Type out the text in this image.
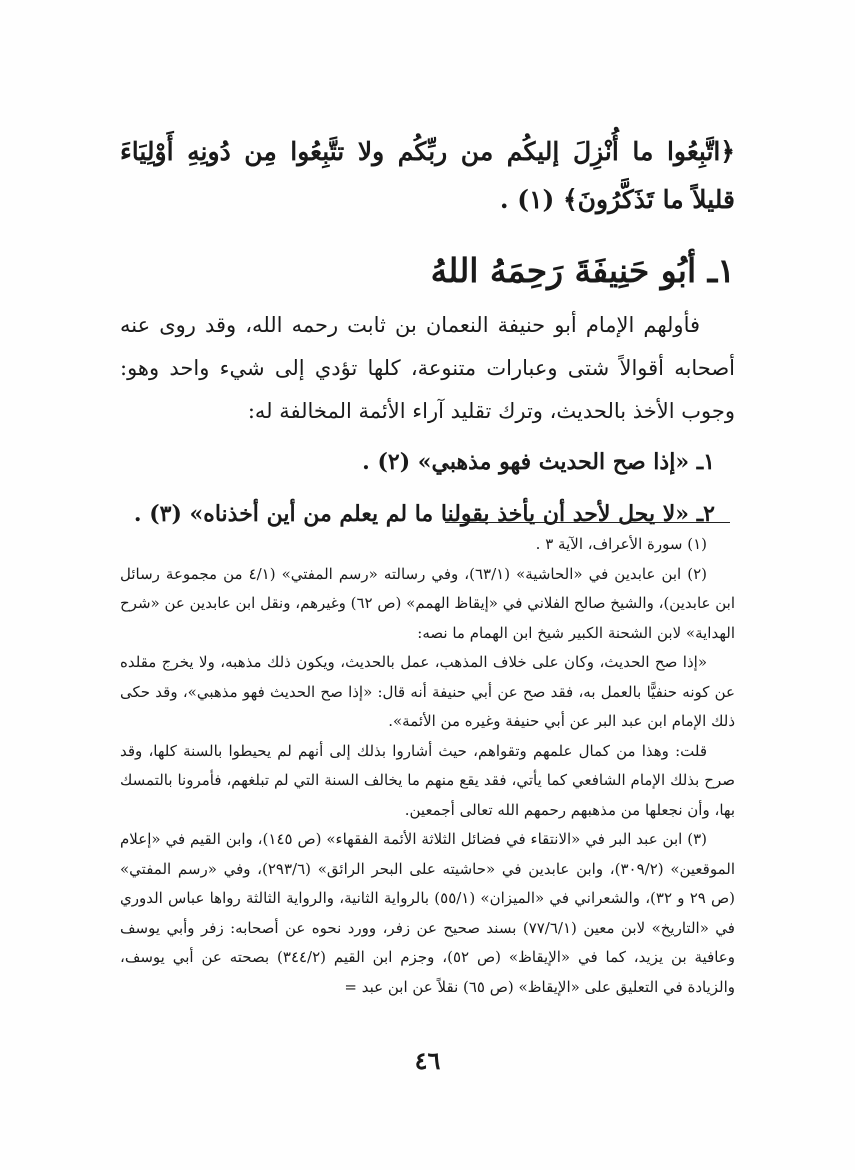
﴿اتَّبِعُوا ما أُنْزِلَ إليكُم من ربِّكُم ولا تتَّبِعُوا مِن دُونِهِ أَوْلِيَاءَ قليلاً ما تَذَكَّرُونَ﴾ (١) .

١ـ أبُو حَنِيفَةَ رَحِمَهُ اللهُ

فأولهم الإمام أبو حنيفة النعمان بن ثابت رحمه الله، وقد روى عنه أصحابه أقوالاً شتى وعبارات متنوعة، كلها تؤدي إلى شيء واحد وهو: وجوب الأخذ بالحديث، وترك تقليد آراء الأئمة المخالفة له:

١ـ «إذا صح الحديث فهو مذهبي» (٢) .

٢ـ «لا يحل لأحد أن يأخذ بقولنا ما لم يعلم من أين أخذناه» (٣) .

(١) سورة الأعراف، الآية ٣ .

(٢) ابن عابدين في «الحاشية» (٦٣/١)، وفي رسالته «رسم المفتي» (٤/١ من مجموعة رسائل ابن عابدين)، والشيخ صالح الفلاني في «إيقاظ الهمم» (ص ٦٢) وغيرهم، ونقل ابن عابدين عن «شرح الهداية» لابن الشحنة الكبير شيخ ابن الهمام ما نصه:

«إذا صح الحديث، وكان على خلاف المذهب، عمل بالحديث، ويكون ذلك مذهبه، ولا يخرج مقلده عن كونه حنفيًّا بالعمل به، فقد صح عن أبي حنيفة أنه قال: «إذا صح الحديث فهو مذهبي»، وقد حكى ذلك الإمام ابن عبد البر عن أبي حنيفة وغيره من الأئمة».

قلت: وهذا من كمال علمهم وتقواهم، حيث أشاروا بذلك إلى أنهم لم يحيطوا بالسنة كلها، وقد صرح بذلك الإمام الشافعي كما يأتي، فقد يقع منهم ما يخالف السنة التي لم تبلغهم، فأمرونا بالتمسك بها، وأن نجعلها من مذهبهم رحمهم الله تعالى أجمعين.

(٣) ابن عبد البر في «الانتقاء في فضائل الثلاثة الأئمة الفقهاء» (ص ١٤٥)، وابن القيم في «إعلام الموقعين» (٣٠٩/٢)، وابن عابدين في «حاشيته على البحر الرائق» (٢٩٣/٦)، وفي «رسم المفتي» (ص ٢٩ و ٣٢)، والشعراني في «الميزان» (٥٥/١) بالرواية الثانية، والرواية الثالثة رواها عباس الدوري في «التاريخ» لابن معين (٧٧/٦/١) بسند صحيح عن زفر، وورد نحوه عن أصحابه: زفر وأبي يوسف وعافية بن يزيد، كما في «الإيقاظ» (ص ٥٢)، وجزم ابن القيم (٣٤٤/٢) بصحته عن أبي يوسف، والزيادة في التعليق على «الإيقاظ» (ص ٦٥) نقلاً عن ابن عبد =

٤٦
